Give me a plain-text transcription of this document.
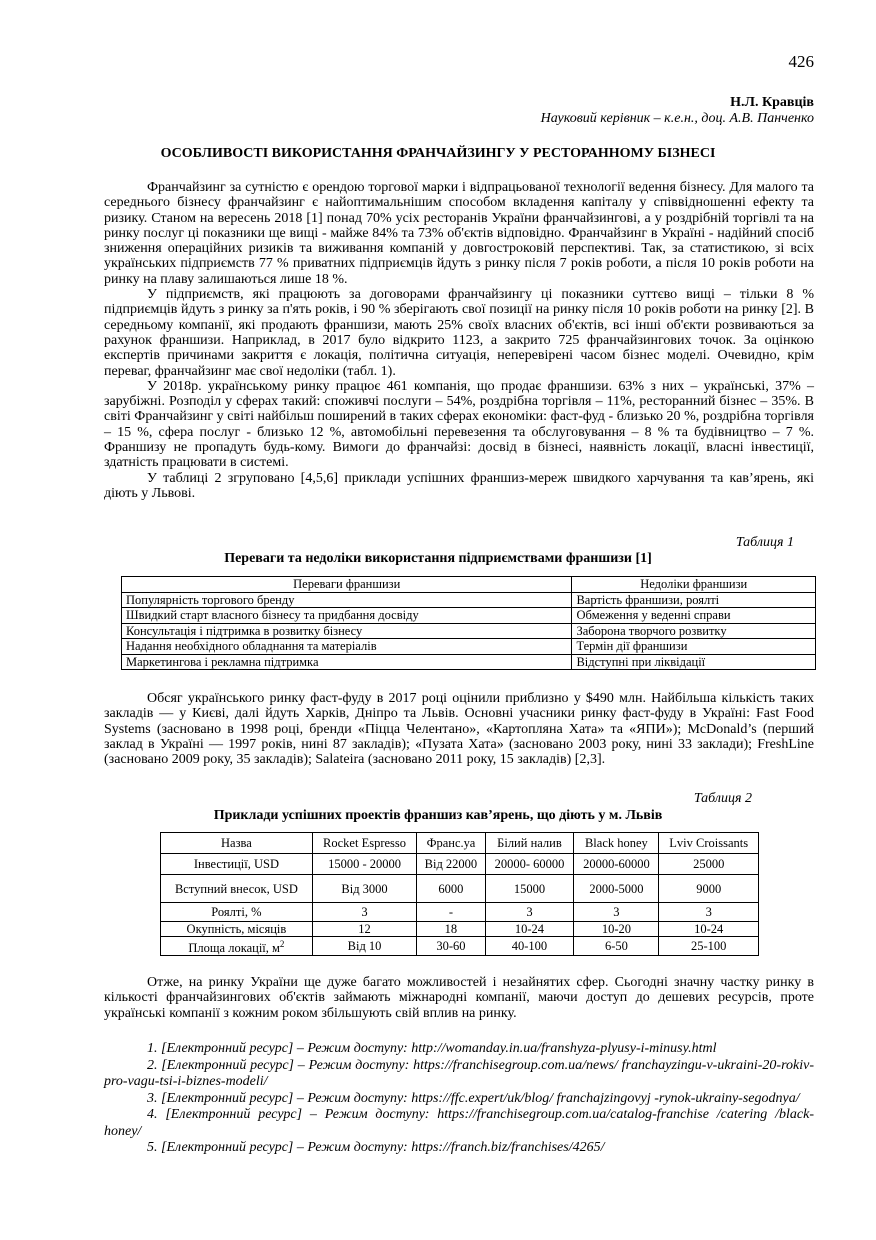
426
Н.Л. Кравців
Науковий керівник – к.е.н., доц. А.В. Панченко
ОСОБЛИВОСТІ ВИКОРИСТАННЯ ФРАНЧАЙЗИНГУ У РЕСТОРАННОМУ БІЗНЕСІ

Франчайзинг за сутністю є орендою торгової марки і відпрацьованої технології ведення бізнесу. Для малого та середнього бізнесу франчайзинг є найоптимальнішим способом вкладення капіталу у співвідношенні ефекту та ризику. Станом на вересень 2018 [1] понад 70% усіх ресторанів України франчайзингові, а у роздрібній торгівлі та на ринку послуг ці показники ще вищі - майже 84% та 73% об'єктів відповідно. Франчайзинг в Україні - надійний спосіб зниження операційних ризиків та виживання компаній у довгостроковій перспективі. Так, за статистикою, зі всіх українських підприємств 77 % приватних підприємців йдуть з ринку після 7 років роботи, а після 10 років роботи на ринку на плаву залишаються лише 18 %.

У підприємств, які працюють за договорами франчайзингу ці показники суттєво вищі – тільки 8 % підприємців йдуть з ринку за п'ять років, і 90 % зберігають свої позиції на ринку після 10 років роботи на ринку [2]. В середньому компанії, які продають франшизи, мають 25% своїх власних об'єктів, всі інші об'єкти розвиваються за рахунок франшизи. Наприклад, в 2017 було відкрито 1123, а закрито 725 франчайзингових точок. За оцінкою експертів причинами закриття є локація, політична ситуація, неперевірені часом бізнес моделі. Очевидно, крім переваг, франчайзинг має свої недоліки (табл. 1).

У 2018р. українському ринку працює 461 компанія, що продає франшизи. 63% з них – українські, 37% – зарубіжні. Розподіл у сферах такий: споживчі послуги – 54%, роздрібна торгівля – 11%, ресторанний бізнес – 35%. В світі Франчайзинг у світі найбільш поширений в таких сферах економіки: фаст-фуд - близько 20 %, роздрібна торгівля – 15 %, сфера послуг - близько 12 %, автомобільні перевезення та обслуговування – 8 % та будівництво – 7 %. Франшизу не пропадуть будь-кому. Вимоги до франчайзі: досвід в бізнесі, наявність локації, власні інвестиції, здатність працювати в системі.

У таблиці 2 згруповано [4,5,6] приклади успішних франшиз-мереж швидкого харчування та кав’ярень, які діють у Львові.

Таблиця 1
Переваги та недоліки використання підприємствами франшизи [1]
Переваги франшизи	Недоліки франшизи
Популярність торгового бренду	Вартість франшизи, роялті
Швидкий старт власного бізнесу та придбання досвіду	Обмеження у веденні справи
Консультація і підтримка в розвитку бізнесу	Заборона творчого розвитку
Надання необхідного обладнання та матеріалів	Термін дії франшизи
Маркетингова і рекламна підтримка	Відступні при ліквідації

Обсяг українського ринку фаст-фуду в 2017 році оцінили приблизно у $490 млн. Найбільша кількість таких закладів — у Києві, далі йдуть Харків, Дніпро та Львів. Основні учасники ринку фаст-фуду в Україні: Fast Food Systems (засновано в 1998 році, бренди «Піцца Челентано», «Картопляна Хата» та «ЯПИ»); McDonald’s (перший заклад в Україні — 1997 років, нині 87 закладів); «Пузата Хата» (засновано 2003 року, нині 33 заклади); FreshLine (засновано 2009 року, 35 закладів); Salateira (засновано 2011 року, 15 закладів) [2,3].

Таблиця 2
Приклади успішних проектів франшиз кав’ярень, що діють у м. Львів
Назва	Rocket Espresso	Франс.уа	Білий налив	Black honey	Lviv Croissants
Інвестиції, USD	15000 - 20000	Від 22000	20000- 60000	20000-60000	25000
Вступний внесок, USD	Від 3000	6000	15000	2000-5000	9000
Роялті, %	3	-	3	3	3
Окупність, місяців	12	18	10-24	10-20	10-24
Площа локації, $м^2$	Від 10	30-60	40-100	6-50	25-100

Отже, на ринку України ще дуже багато можливостей і незайнятих сфер. Сьогодні значну частку ринку в кількості франчайзингових об'єктів займають міжнародні компанії, маючи доступ до дешевих ресурсів, проте українські компанії з кожним роком збільшують свій вплив на ринку.

1. [Електронний ресурс] – Режим доступу: http://womanday.in.ua/franshyza-plyusy-i-minusy.html

2. [Електронний ресурс] – Режим доступу: https://franchisegroup.com.ua/news/ franchayzingu-v-ukraini-20-rokiv-pro-vagu-tsi-i-biznes-modeli/

3. [Електронний ресурс] – Режим доступу: https://ffc.expert/uk/blog/ franchajzingovyj -rynok-ukrainy-segodnya/

4. [Електронний ресурс] – Режим доступу: https://franchisegroup.com.ua/catalog-franchise /catering /black-honey/

5. [Електронний ресурс] – Режим доступу: https://franch.biz/franchises/4265/
